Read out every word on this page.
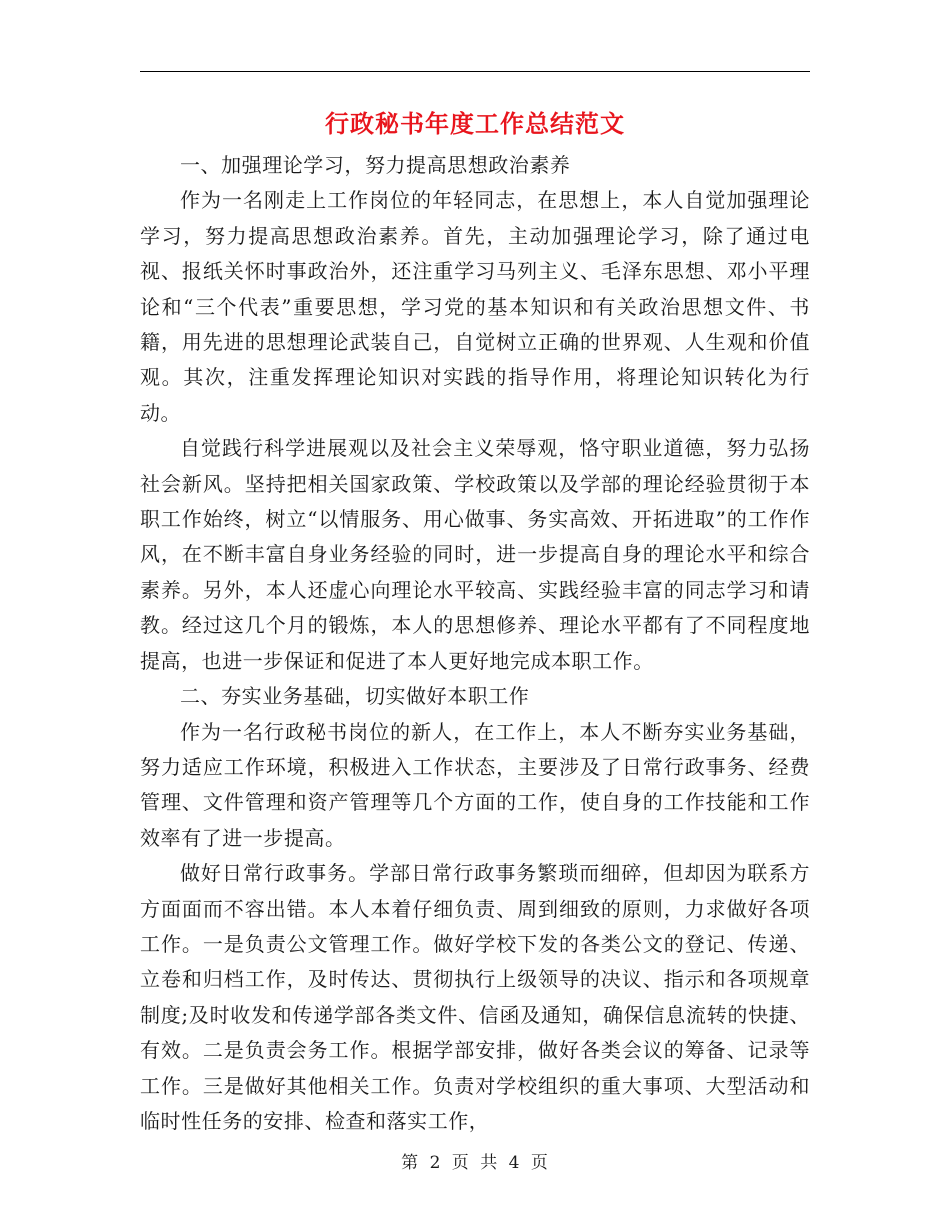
行政秘书年度工作总结范文

一、加强理论学习，努力提高思想政治素养

作为一名刚走上工作岗位的年轻同志，在思想上，本人自觉加强理论学习，努力提高思想政治素养。首先，主动加强理论学习，除了通过电视、报纸关怀时事政治外，还注重学习马列主义、毛泽东思想、邓小平理论和“三个代表”重要思想，学习党的基本知识和有关政治思想文件、书籍，用先进的思想理论武装自己，自觉树立正确的世界观、人生观和价值观。其次，注重发挥理论知识对实践的指导作用，将理论知识转化为行动。

自觉践行科学进展观以及社会主义荣辱观，恪守职业道德，努力弘扬社会新风。坚持把相关国家政策、学校政策以及学部的理论经验贯彻于本职工作始终，树立“以情服务、用心做事、务实高效、开拓进取”的工作作风，在不断丰富自身业务经验的同时，进一步提高自身的理论水平和综合素养。另外，本人还虚心向理论水平较高、实践经验丰富的同志学习和请教。经过这几个月的锻炼，本人的思想修养、理论水平都有了不同程度地提高，也进一步保证和促进了本人更好地完成本职工作。

二、夯实业务基础，切实做好本职工作

作为一名行政秘书岗位的新人，在工作上，本人不断夯实业务基础，努力适应工作环境，积极进入工作状态，主要涉及了日常行政事务、经费管理、文件管理和资产管理等几个方面的工作，使自身的工作技能和工作效率有了进一步提高。

做好日常行政事务。学部日常行政事务繁琐而细碎，但却因为联系方方面面而不容出错。本人本着仔细负责、周到细致的原则，力求做好各项工作。一是负责公文管理工作。做好学校下发的各类公文的登记、传递、立卷和归档工作，及时传达、贯彻执行上级领导的决议、指示和各项规章制度;及时收发和传递学部各类文件、信函及通知，确保信息流转的快捷、有效。二是负责会务工作。根据学部安排，做好各类会议的筹备、记录等工作。三是做好其他相关工作。负责对学校组织的重大事项、大型活动和临时性任务的安排、检查和落实工作，

第 2 页 共 4 页
